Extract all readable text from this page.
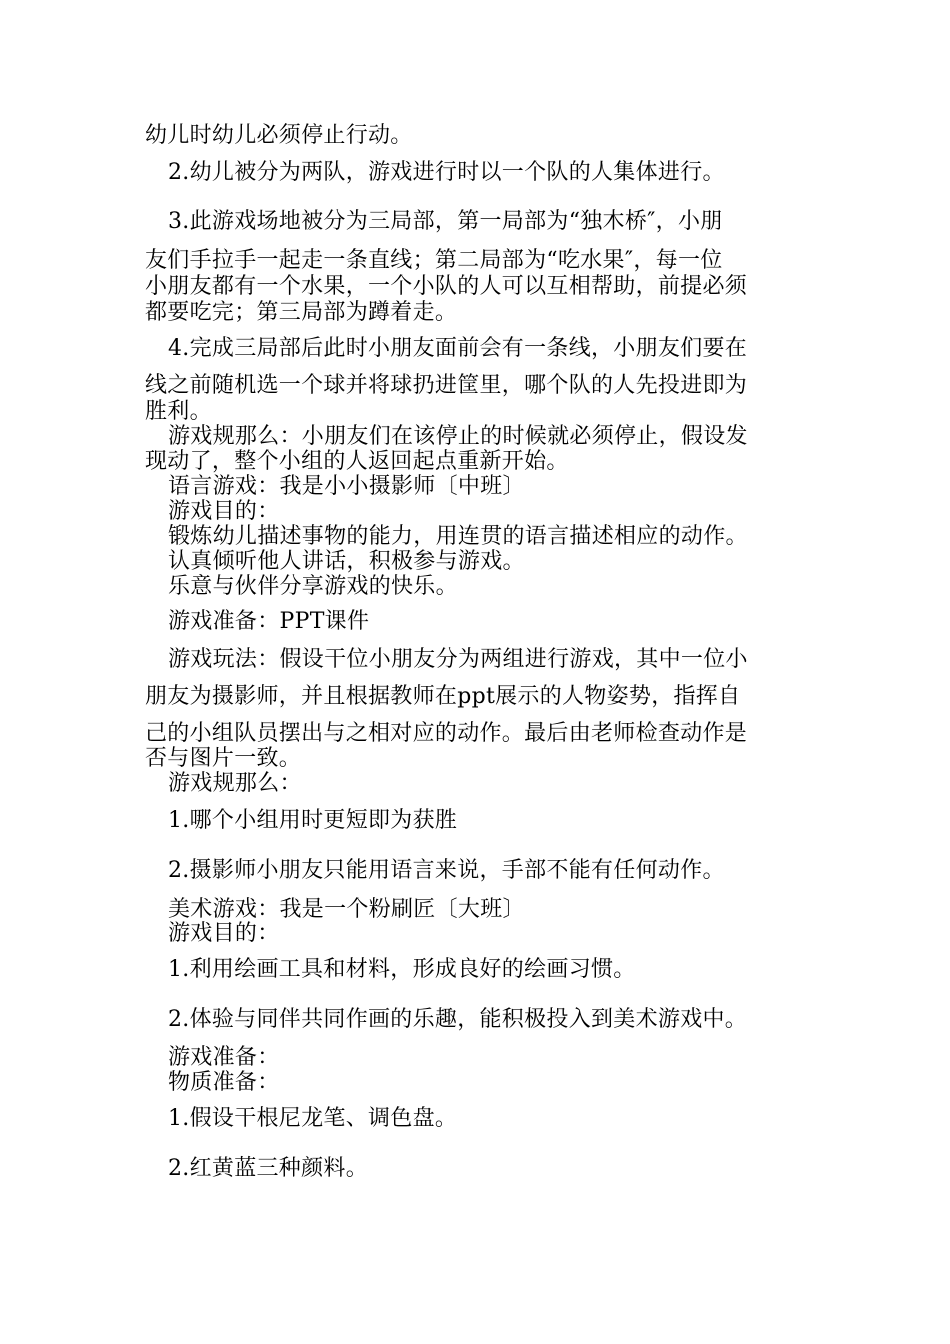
幼儿时幼儿必须停止行动。
2.幼儿被分为两队，游戏进行时以一个队的人集体进行。
3.此游戏场地被分为三局部，第一局部为“独木桥″，小朋
友们手拉手一起走一条直线；第二局部为“吃水果″，每一位
小朋友都有一个水果，一个小队的人可以互相帮助，前提必须
都要吃完；第三局部为蹲着走。
4.完成三局部后此时小朋友面前会有一条线，小朋友们要在
线之前随机选一个球并将球扔进筐里，哪个队的人先投进即为
胜利。
游戏规那么：小朋友们在该停止的时候就必须停止，假设发
现动了，整个小组的人返回起点重新开始。
语言游戏：我是小小摄影师〔中班〕
游戏目的：
锻炼幼儿描述事物的能力，用连贯的语言描述相应的动作。
认真倾听他人讲话，积极参与游戏。
乐意与伙伴分享游戏的快乐。
游戏准备：PPT课件
游戏玩法：假设干位小朋友分为两组进行游戏，其中一位小
朋友为摄影师，并且根据教师在ppt展示的人物姿势，指挥自
己的小组队员摆出与之相对应的动作。最后由老师检查动作是
否与图片一致。
游戏规那么：
1.哪个小组用时更短即为获胜
2.摄影师小朋友只能用语言来说，手部不能有任何动作。
美术游戏：我是一个粉刷匠〔大班〕
游戏目的：
1.利用绘画工具和材料，形成良好的绘画习惯。
2.体验与同伴共同作画的乐趣，能积极投入到美术游戏中。
游戏准备：
物质准备：
1.假设干根尼龙笔、调色盘。
2.红黄蓝三种颜料。
